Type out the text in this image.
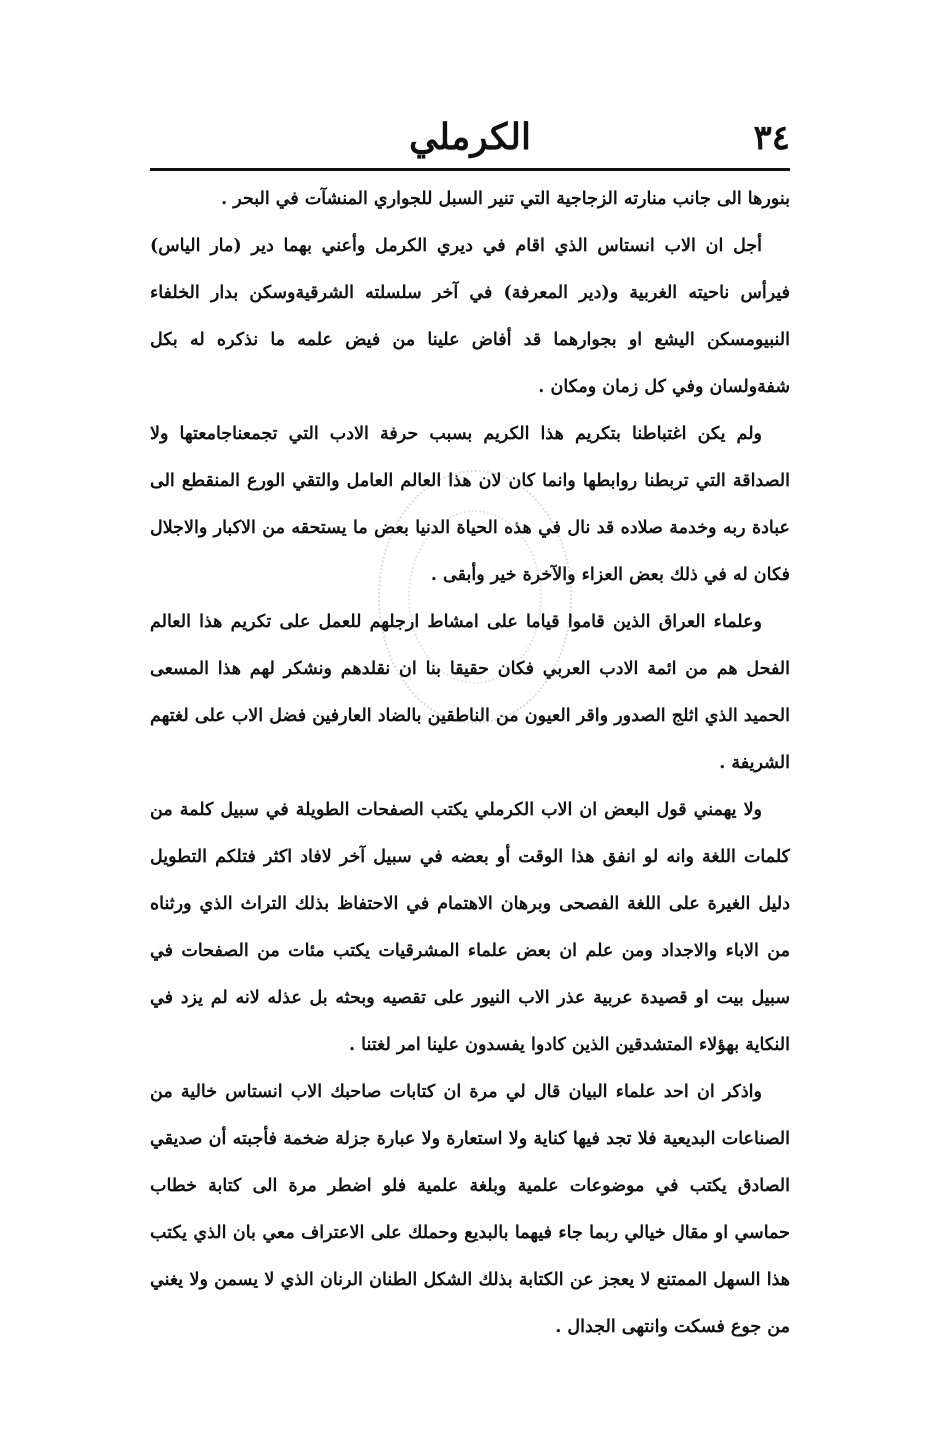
٣٤
الكرملي

بنورها الى جانب منارته الزجاجية التي تنير السبل للجواري المنشآت في البحر .

أجل ان الاب انستاس الذي اقام في ديري الكرمل وأعني بهما دير (مار الياس) فيرأس ناحيته الغربية و(دير المعرفة) في آخر سلسلته الشرقيةوسكن بدار الخلفاء النبيومسكن اليشع او بجوارهما قد أفاض علينا من فيض علمه ما نذكره له بكل شفةولسان وفي كل زمان ومكان .

ولم يكن اغتباطنا بتكريم هذا الكريم بسبب حرفة الادب التي تجمعناجامعتها ولا الصداقة التي تربطنا روابطها وانما كان لان هذا العالم العامل والتقي الورع المنقطع الى عبادة ربه وخدمة صلاده قد نال في هذه الحياة الدنيا بعض ما يستحقه من الاكبار والاجلال فكان له في ذلك بعض العزاء والآخرة خير وأبقى .

وعلماء العراق الذين قاموا قياما على امشاط ارجلهم للعمل على تكريم هذا العالم الفحل هم من ائمة الادب العربي فكان حقيقا بنا ان نقلدهم ونشكر لهم هذا المسعى الحميد الذي اثلج الصدور واقر العيون من الناطقين بالضاد العارفين فضل الاب على لغتهم الشريفة .

ولا يهمني قول البعض ان الاب الكرملي يكتب الصفحات الطويلة في سبيل كلمة من كلمات اللغة وانه لو انفق هذا الوقت أو بعضه في سبيل آخر لافاد اكثر فتلكم التطويل دليل الغيرة على اللغة الفصحى وبرهان الاهتمام في الاحتفاظ بذلك التراث الذي ورثناه من الاباء والاجداد ومن علم ان بعض علماء المشرقيات يكتب مئات من الصفحات في سبيل بيت او قصيدة عربية عذر الاب النيور على تقصيه وبحثه بل عذله لانه لم يزد في النكاية بهؤلاء المتشدقين الذين كادوا يفسدون علينا امر لغتنا .

واذكر ان احد علماء البيان قال لي مرة ان كتابات صاحبك الاب انستاس خالية من الصناعات البديعية فلا تجد فيها كناية ولا استعارة ولا عبارة جزلة ضخمة فأجبته أن صديقي الصادق يكتب في موضوعات علمية وبلغة علمية فلو اضطر مرة الى كتابة خطاب حماسي او مقال خيالي ربما جاء فيهما بالبديع وحملك على الاعتراف معي بان الذي يكتب هذا السهل الممتنع لا يعجز عن الكتابة بذلك الشكل الطنان الرنان الذي لا يسمن ولا يغني من جوع فسكت وانتهى الجدال .
